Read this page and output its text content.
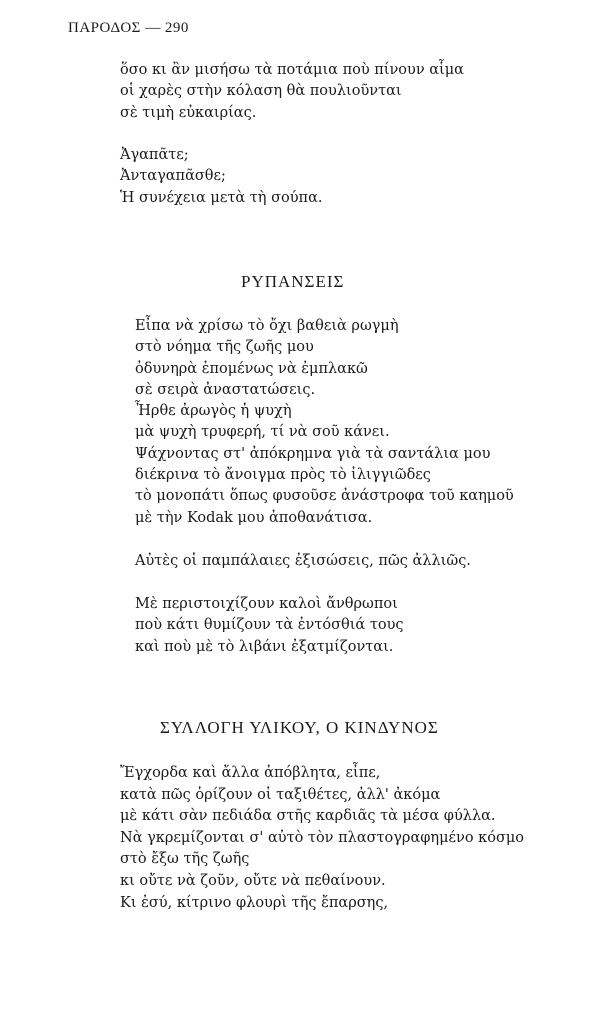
ΠΑΡΟΔΟΣ — 290
ὅσο κι ἂν μισήσω τὰ ποτάμια ποὺ πίνουν αἷμα
οἱ χαρὲς στὴν κόλαση θὰ πουλιοῦνται
σὲ τιμὴ εὐκαιρίας.
Ἀγαπᾶτε;
Ἀνταγαπᾶσθε;
Ἡ συνέχεια μετὰ τὴ σούπα.
ΡΥΠΑΝΣΕΙΣ
Εἶπα νὰ χρίσω τὸ ὄχι βαθειὰ ρωγμὴ
στὸ νόημα τῆς ζωῆς μου
ὀδυνηρὰ ἑπομένως νὰ ἐμπλακῶ
σὲ σειρὰ ἀναστατώσεις.
Ἦρθε ἀρωγὸς ἡ ψυχὴ
μὰ ψυχὴ τρυφερή, τί νὰ σοῦ κάνει.
Ψάχνοντας στ' ἀπόκρημνα γιὰ τὰ σαντάλια μου
διέκρινα τὸ ἄνοιγμα πρὸς τὸ ἰλιγγιῶδες
τὸ μονοπάτι ὅπως φυσοῦσε ἀνάστροφα τοῦ καημοῦ
μὲ τὴν Kodak μου ἀποθανάτισα.
Αὐτὲς οἱ παμπάλαιες ἐξισώσεις, πῶς ἀλλιῶς.
Μὲ περιστοιχίζουν καλοὶ ἄνθρωποι
ποὺ κάτι θυμίζουν τὰ ἐντόσθιά τους
καὶ ποὺ μὲ τὸ λιβάνι ἐξατμίζονται.
ΣΥΛΛΟΓΗ ΥΛΙΚΟΥ, Ο ΚΙΝΔΥΝΟΣ
Ἔγχορδα καὶ ἄλλα ἀπόβλητα, εἶπε,
κατὰ πῶς ὁρίζουν οἱ ταξιθέτες, ἀλλ' ἀκόμα
μὲ κάτι σὰν πεδιάδα στῆς καρδιᾶς τὰ μέσα φύλλα.
Νὰ γκρεμίζονται σ' αὐτὸ τὸν πλαστογραφημένο κόσμο
στὸ ἔξω τῆς ζωῆς
κι οὔτε νὰ ζοῦν, οὔτε νὰ πεθαίνουν.
Κι ἐσύ, κίτρινο φλουρὶ τῆς ἔπαρσης,
